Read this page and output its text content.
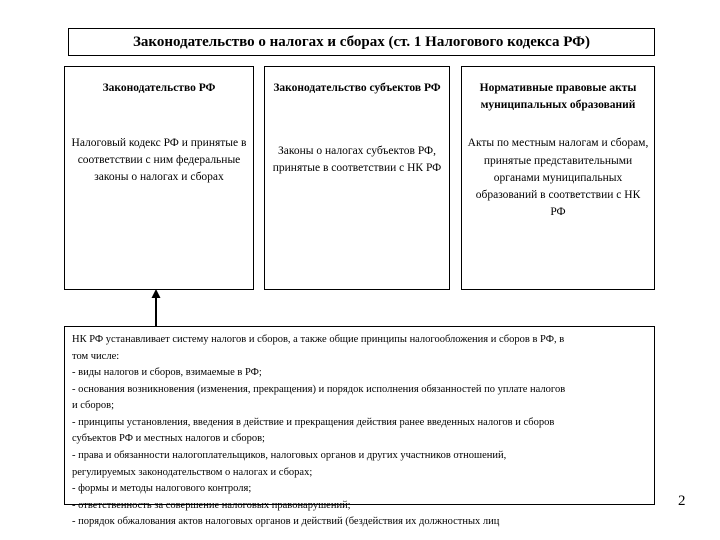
Законодательство о налогах и сборах (ст. 1 Налогового кодекса РФ)
Законодательство РФ
Налоговый кодекс РФ и принятые в соответствии с ним федеральные законы о налогах и сборах
Законодательство субъектов РФ
Законы о налогах субъектов РФ, принятые в соответствии с НК РФ
Нормативные правовые акты муниципальных образований
Акты по местным налогам и сборам, принятые представительными органами муниципальных образований в соответствии с НК РФ
НК РФ устанавливает систему налогов и сборов, а также общие принципы налогообложения и сборов в РФ, в
том числе:
- виды налогов и сборов, взимаемые в РФ;
- основания возникновения (изменения, прекращения) и порядок исполнения обязанностей по уплате налогов
и сборов;
- принципы установления, введения в действие и прекращения действия ранее введенных налогов и сборов
субъектов РФ и местных налогов и сборов;
- права и обязанности налогоплательщиков, налоговых органов и других участников отношений,
регулируемых законодательством о налогах и сборах;
- формы и методы налогового контроля;
- ответственность за совершение налоговых правонарушений;
- порядок обжалования актов налоговых органов и действий (бездействия их должностных лиц
2
